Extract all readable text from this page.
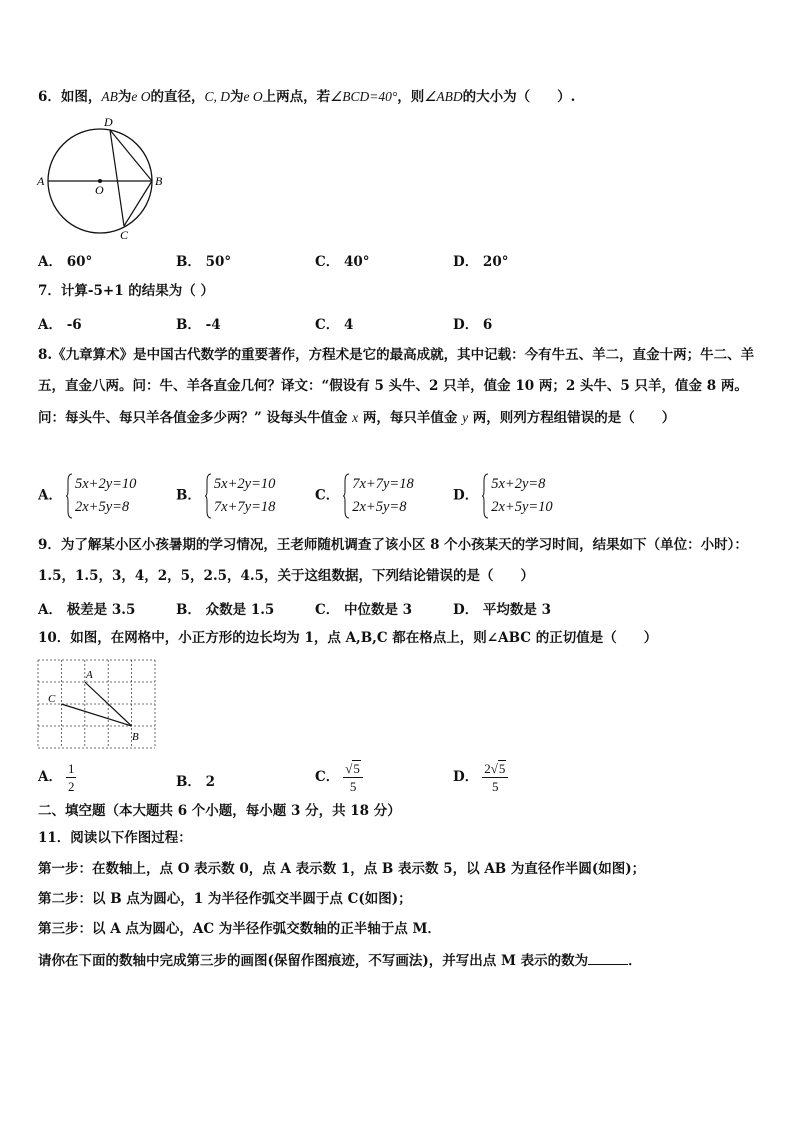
6．如图，AB为e O的直径，C, D为e O上两点，若∠BCD=40°，则∠ABD的大小为（　　）.
D
A
O
B
C
A． 60°	B． 50°	C． 40°	D． 20°
7．计算-5+1 的结果为（ ）
A． -6	B． -4	C． 4	D． 6
8.《九章算术》是中国古代数学的重要著作，方程术是它的最高成就，其中记载：今有牛五、羊二，直金十两；牛二、羊五，直金八两。问：牛、羊各直金几何？译文：“假设有 5 头牛、2 只羊，值金 10 两；2 头牛、5 只羊，值金 8 两。问：每头牛、每只羊各值金多少两？” 设每头牛值金 x 两，每只羊值金 y 两，则列方程组错误的是（　　）
A．
5x+2y=10
2x+5y=8
B．
5x+2y=10
7x+7y=18
C．
7x+7y=18
2x+5y=8
D．
5x+2y=8
2x+5y=10
9．为了解某小区小孩暑期的学习情况，王老师随机调查了该小区 8 个小孩某天的学习时间，结果如下（单位：小时）：1.5，1.5，3，4，2，5，2.5，4.5，关于这组数据，下列结论错误的是（　　）
A． 极差是 3.5	B． 众数是 1.5	C． 中位数是 3	D． 平均数是 3
10．如图，在网格中，小正方形的边长均为 1，点 A,B,C 都在格点上，则∠ABC 的正切值是（　　）
A
C
B
A． $\frac{1}{2}$	B． 2	C． $\frac{√5}{5}$	D． $\frac{2√5}{5}$
二、填空题（本大题共 6 个小题，每小题 3 分，共 18 分）
11．阅读以下作图过程：
第一步：在数轴上，点 O 表示数 0，点 A 表示数 1，点 B 表示数 5，以 AB 为直径作半圆(如图)；
第二步：以 B 点为圆心，1 为半径作弧交半圆于点 C(如图)；
第三步：以 A 点为圆心，AC 为半径作弧交数轴的正半轴于点 M．
请你在下面的数轴中完成第三步的画图(保留作图痕迹，不写画法)，并写出点 M 表示的数为	．
